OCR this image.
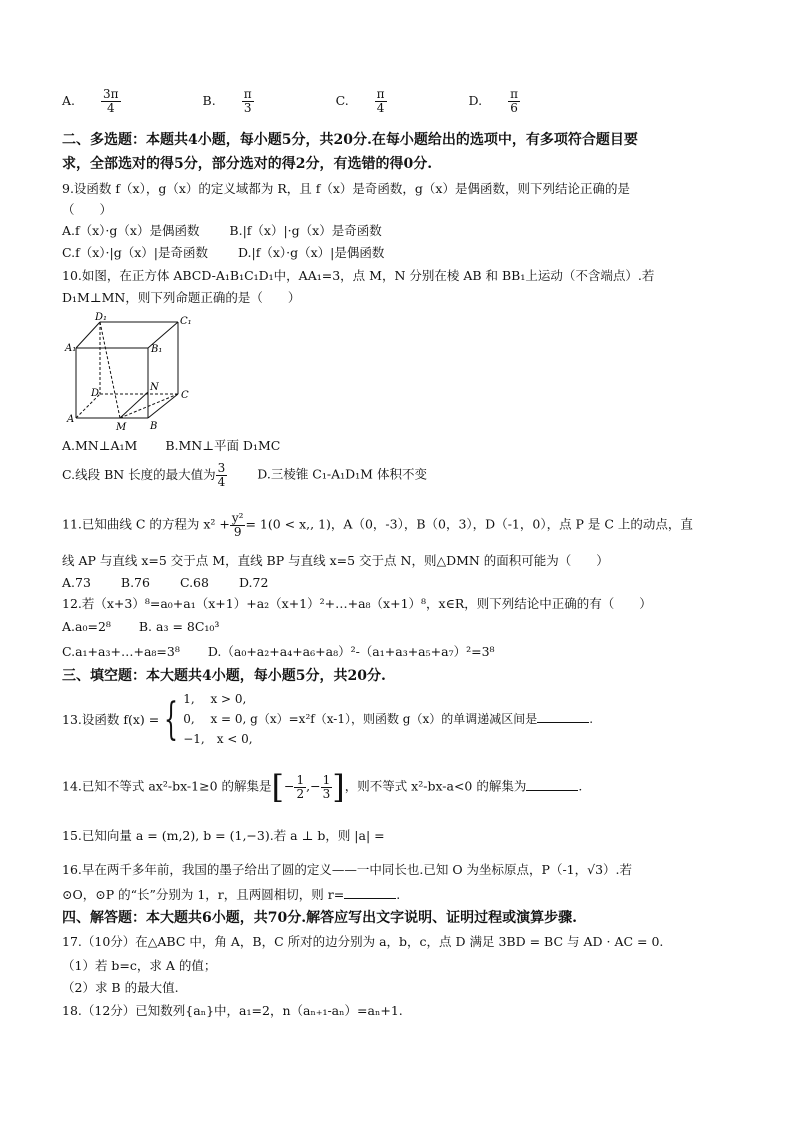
A. $\frac{3\pi}{4}$	B. $\frac{\pi}{3}$	C. $\frac{\pi}{4}$	D. $\frac{\pi}{6}$
二、多选题：本题共4小题，每小题5分，共20分.在每小题给出的选项中，有多项符合题目要
求，全部选对的得5分，部分选对的得2分，有选错的得0分.
9.设函数 f（x），g（x）的定义域都为 R，且 f（x）是奇函数，g（x）是偶函数，则下列结论正确的是
（　　）
A.f（x）·g（x）是偶函数 B.|f（x）|·g（x）是奇函数
C.f（x）·|g（x）|是奇函数 D.|f（x）·g（x）|是偶函数
10.如图，在正方体 ABCD-A₁B₁C₁D₁中，AA₁=3，点 M，N 分别在棱 AB 和 BB₁上运动（不含端点）.若
D₁M⊥MN，则下列命题正确的是（　　）
D₁	C₁
A₁	B₁
D	C
N
A
B
M
A.MN⊥A₁M B.MN⊥平面 D₁MC
C.线段 BN 长度的最大值为 $\frac{3}{4} D$.三棱锥 C₁-A₁D₁M 体积不变
11.已知曲线 C 的方程为 $x^2 + \frac{\text{y²}}{9} = 1(0 < x$,, 1)，A（0，-3），B（0，3），D（-1，0），点 P 是 C 上的动点，直
线 AP 与直线 x=5 交于点 M，直线 BP 与直线 x=5 交于点 N，则△DMN 的面积可能为（　　）
A.73 B.76 C.68 D.72
12.若（x+3）⁸=a₀+a₁（x+1）+a₂（x+1）²+…+a₈（x+1）⁸，x∈R，则下列结论中正确的有（　　）
A.a₀=2⁸ B. a₃ = 8C₁₀³
C.a₁+a₃+…+a₈=3⁸ D.（a₀+a₂+a₄+a₆+a₈）²-（a₁+a₃+a₅+a₇）²=3⁸
三、填空题：本大题共4小题，每小题5分，共20分.
13.设函数 f(x) = { 1,　 x > 0,
0,　 x = 0, g（x）=x²f（x-1），则函数 g（x）的单调递减区间是	.
−1,　x < 0,
14.已知不等式 ax²-bx-1≥0 的解集是[− $\frac{1}{2}$ ,− $\frac{1}{3}$ ]，则不等式 x²-bx-a<0 的解集为	.
15.已知向量 a = (m,2), b = (1,−3).若 a ⊥ b，则 |a| =
16.早在两千多年前，我国的墨子给出了圆的定义——一中同长也.已知 O 为坐标原点，P（-1，√3）.若
⊙O，⊙P 的“长”分别为 1，r，且两圆相切，则 r=	.
四、解答题：本大题共6小题，共70分.解答应写出文字说明、证明过程或演算步骤.
17.（10分）在△ABC 中，角 A，B，C 所对的边分别为 a，b，c，点 D 满足 3BD = BC 与 AD · AC = 0.
（1）若 b=c，求 A 的值；
（2）求 B 的最大值.
18.（12分）已知数列{aₙ}中，a₁=2，n（aₙ₊₁-aₙ）=aₙ+1.
